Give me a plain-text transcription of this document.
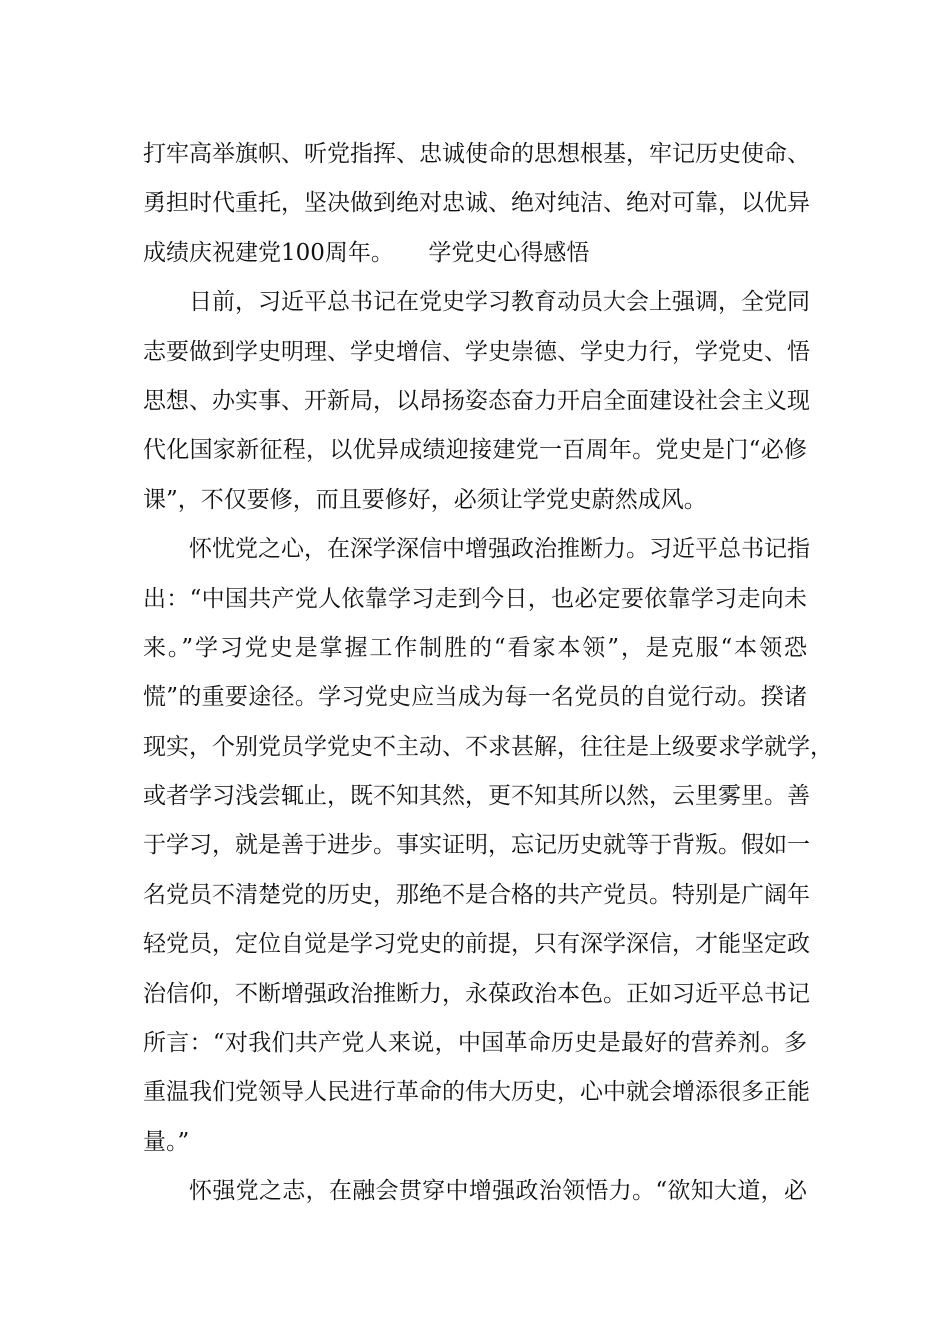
打牢高举旗帜、听党指挥、忠诚使命的思想根基，牢记历史使命、
勇担时代重托，坚决做到绝对忠诚、绝对纯洁、绝对可靠，以优异
成绩庆祝建党100周年。　　学党史心得感悟
日前，习近平总书记在党史学习教育动员大会上强调，全党同
志要做到学史明理、学史增信、学史崇德、学史力行，学党史、悟
思想、办实事、开新局，以昂扬姿态奋力开启全面建设社会主义现
代化国家新征程，以优异成绩迎接建党一百周年。党史是门“必修
课”，不仅要修，而且要修好，必须让学党史蔚然成风。
怀忧党之心，在深学深信中增强政治推断力。习近平总书记指
出：“中国共产党人依靠学习走到今日，也必定要依靠学习走向未
来。”学习党史是掌握工作制胜的“看家本领”，是克服“本领恐
慌”的重要途径。学习党史应当成为每一名党员的自觉行动。揆诸
现实，个别党员学党史不主动、不求甚解，往往是上级要求学就学，
或者学习浅尝辄止，既不知其然，更不知其所以然，云里雾里。善
于学习，就是善于进步。事实证明，忘记历史就等于背叛。假如一
名党员不清楚党的历史，那绝不是合格的共产党员。特别是广阔年
轻党员，定位自觉是学习党史的前提，只有深学深信，才能坚定政
治信仰，不断增强政治推断力，永葆政治本色。正如习近平总书记
所言：“对我们共产党人来说，中国革命历史是最好的营养剂。多
重温我们党领导人民进行革命的伟大历史，心中就会增添很多正能
量。”
怀强党之志，在融会贯穿中增强政治领悟力。“欲知大道，必
